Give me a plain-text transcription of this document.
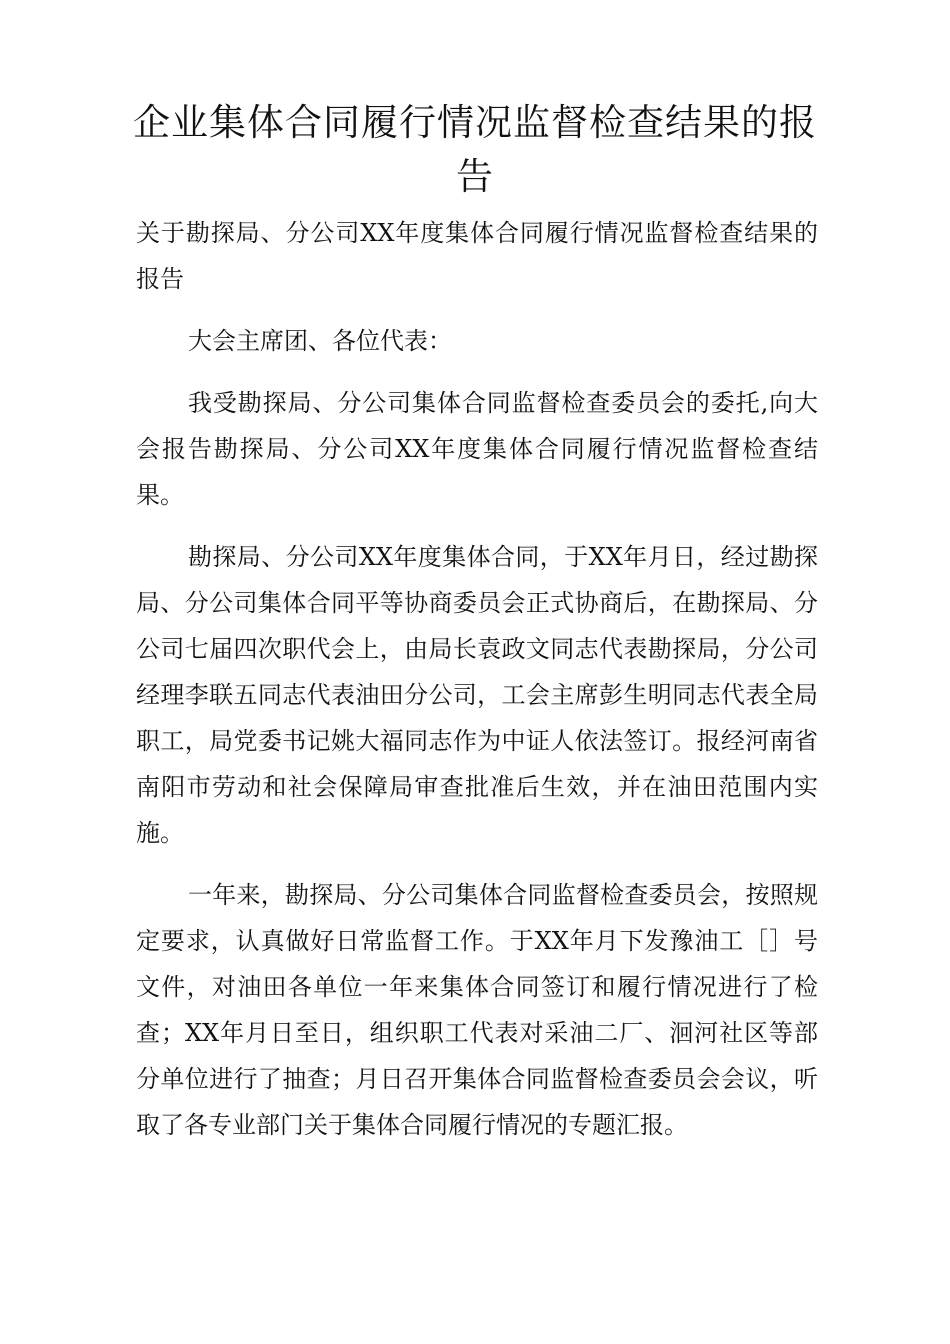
企业集体合同履行情况监督检查结果的报告

关于勘探局、分公司XX年度集体合同履行情况监督检查结果的报告

大会主席团、各位代表：

我受勘探局、分公司集体合同监督检查委员会的委托,向大会报告勘探局、分公司XX年度集体合同履行情况监督检查结果。

勘探局、分公司XX年度集体合同，于XX年月日，经过勘探局、分公司集体合同平等协商委员会正式协商后，在勘探局、分公司七届四次职代会上，由局长袁政文同志代表勘探局，分公司经理李联五同志代表油田分公司，工会主席彭生明同志代表全局职工，局党委书记姚大福同志作为中证人依法签订。报经河南省南阳市劳动和社会保障局审查批准后生效，并在油田范围内实施。

一年来，勘探局、分公司集体合同监督检查委员会，按照规定要求，认真做好日常监督工作。于XX年月下发豫油工［］号文件，对油田各单位一年来集体合同签订和履行情况进行了检查；XX年月日至日，组织职工代表对采油二厂、洄河社区等部分单位进行了抽查；月日召开集体合同监督检查委员会会议，听取了各专业部门关于集体合同履行情况的专题汇报。
